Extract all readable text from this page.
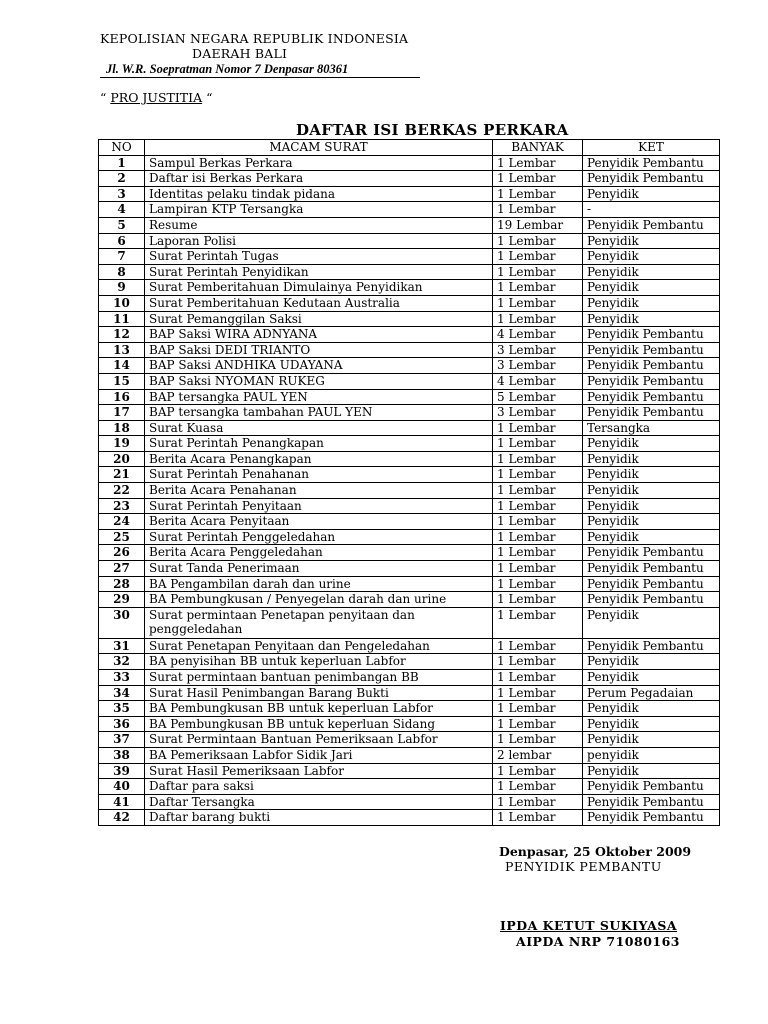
KEPOLISIAN NEGARA REPUBLIK INDONESIA
DAERAH BALI
Jl. W.R. Soepratman Nomor 7 Denpasar 80361
“ PRO JUSTITIA “
DAFTAR ISI BERKAS PERKARA
NO	MACAM SURAT	BANYAK	KET
1	Sampul Berkas Perkara	1 Lembar	Penyidik Pembantu
2	Daftar isi Berkas Perkara	1 Lembar	Penyidik Pembantu
3	Identitas pelaku tindak pidana	1 Lembar	Penyidik
4	Lampiran KTP Tersangka	1 Lembar	-
5	Resume	19 Lembar	Penyidik Pembantu
6	Laporan Polisi	1 Lembar	Penyidik
7	Surat Perintah Tugas	1 Lembar	Penyidik
8	Surat Perintah Penyidikan	1 Lembar	Penyidik
9	Surat Pemberitahuan Dimulainya Penyidikan	1 Lembar	Penyidik
10	Surat Pemberitahuan Kedutaan Australia	1 Lembar	Penyidik
11	Surat Pemanggilan Saksi	1 Lembar	Penyidik
12	BAP Saksi WIRA ADNYANA	4 Lembar	Penyidik Pembantu
13	BAP Saksi DEDI TRIANTO	3 Lembar	Penyidik Pembantu
14	BAP Saksi ANDHIKA UDAYANA	3 Lembar	Penyidik Pembantu
15	BAP Saksi NYOMAN RUKEG	4 Lembar	Penyidik Pembantu
16	BAP tersangka PAUL YEN	5 Lembar	Penyidik Pembantu
17	BAP tersangka tambahan PAUL YEN	3 Lembar	Penyidik Pembantu
18	Surat Kuasa	1 Lembar	Tersangka
19	Surat Perintah Penangkapan	1 Lembar	Penyidik
20	Berita Acara Penangkapan	1 Lembar	Penyidik
21	Surat Perintah Penahanan	1 Lembar	Penyidik
22	Berita Acara Penahanan	1 Lembar	Penyidik
23	Surat Perintah Penyitaan	1 Lembar	Penyidik
24	Berita Acara Penyitaan	1 Lembar	Penyidik
25	Surat Perintah Penggeledahan	1 Lembar	Penyidik
26	Berita Acara Penggeledahan	1 Lembar	Penyidik Pembantu
27	Surat Tanda Penerimaan	1 Lembar	Penyidik Pembantu
28	BA Pengambilan darah dan urine	1 Lembar	Penyidik Pembantu
29	BA Pembungkusan / Penyegelan darah dan urine	1 Lembar	Penyidik Pembantu
30	Surat permintaan Penetapan penyitaan dan penggeledahan	1 Lembar	Penyidik
31	Surat Penetapan Penyitaan dan Pengeledahan	1 Lembar	Penyidik Pembantu
32	BA penyisihan BB untuk keperluan Labfor	1 Lembar	Penyidik
33	Surat permintaan bantuan penimbangan BB	1 Lembar	Penyidik
34	Surat Hasil Penimbangan Barang Bukti	1 Lembar	Perum Pegadaian
35	BA Pembungkusan BB untuk keperluan Labfor	1 Lembar	Penyidik
36	BA Pembungkusan BB untuk keperluan Sidang	1 Lembar	Penyidik
37	Surat Permintaan Bantuan Pemeriksaan Labfor	1 Lembar	Penyidik
38	BA Pemeriksaan Labfor Sidik Jari	2 lembar	penyidik
39	Surat Hasil Pemeriksaan Labfor	1 Lembar	Penyidik
40	Daftar para saksi	1 Lembar	Penyidik Pembantu
41	Daftar Tersangka	1 Lembar	Penyidik Pembantu
42	Daftar barang bukti	1 Lembar	Penyidik Pembantu
Denpasar, 25 Oktober 2009
PENYIDIK PEMBANTU
IPDA KETUT SUKIYASA
AIPDA NRP 71080163
